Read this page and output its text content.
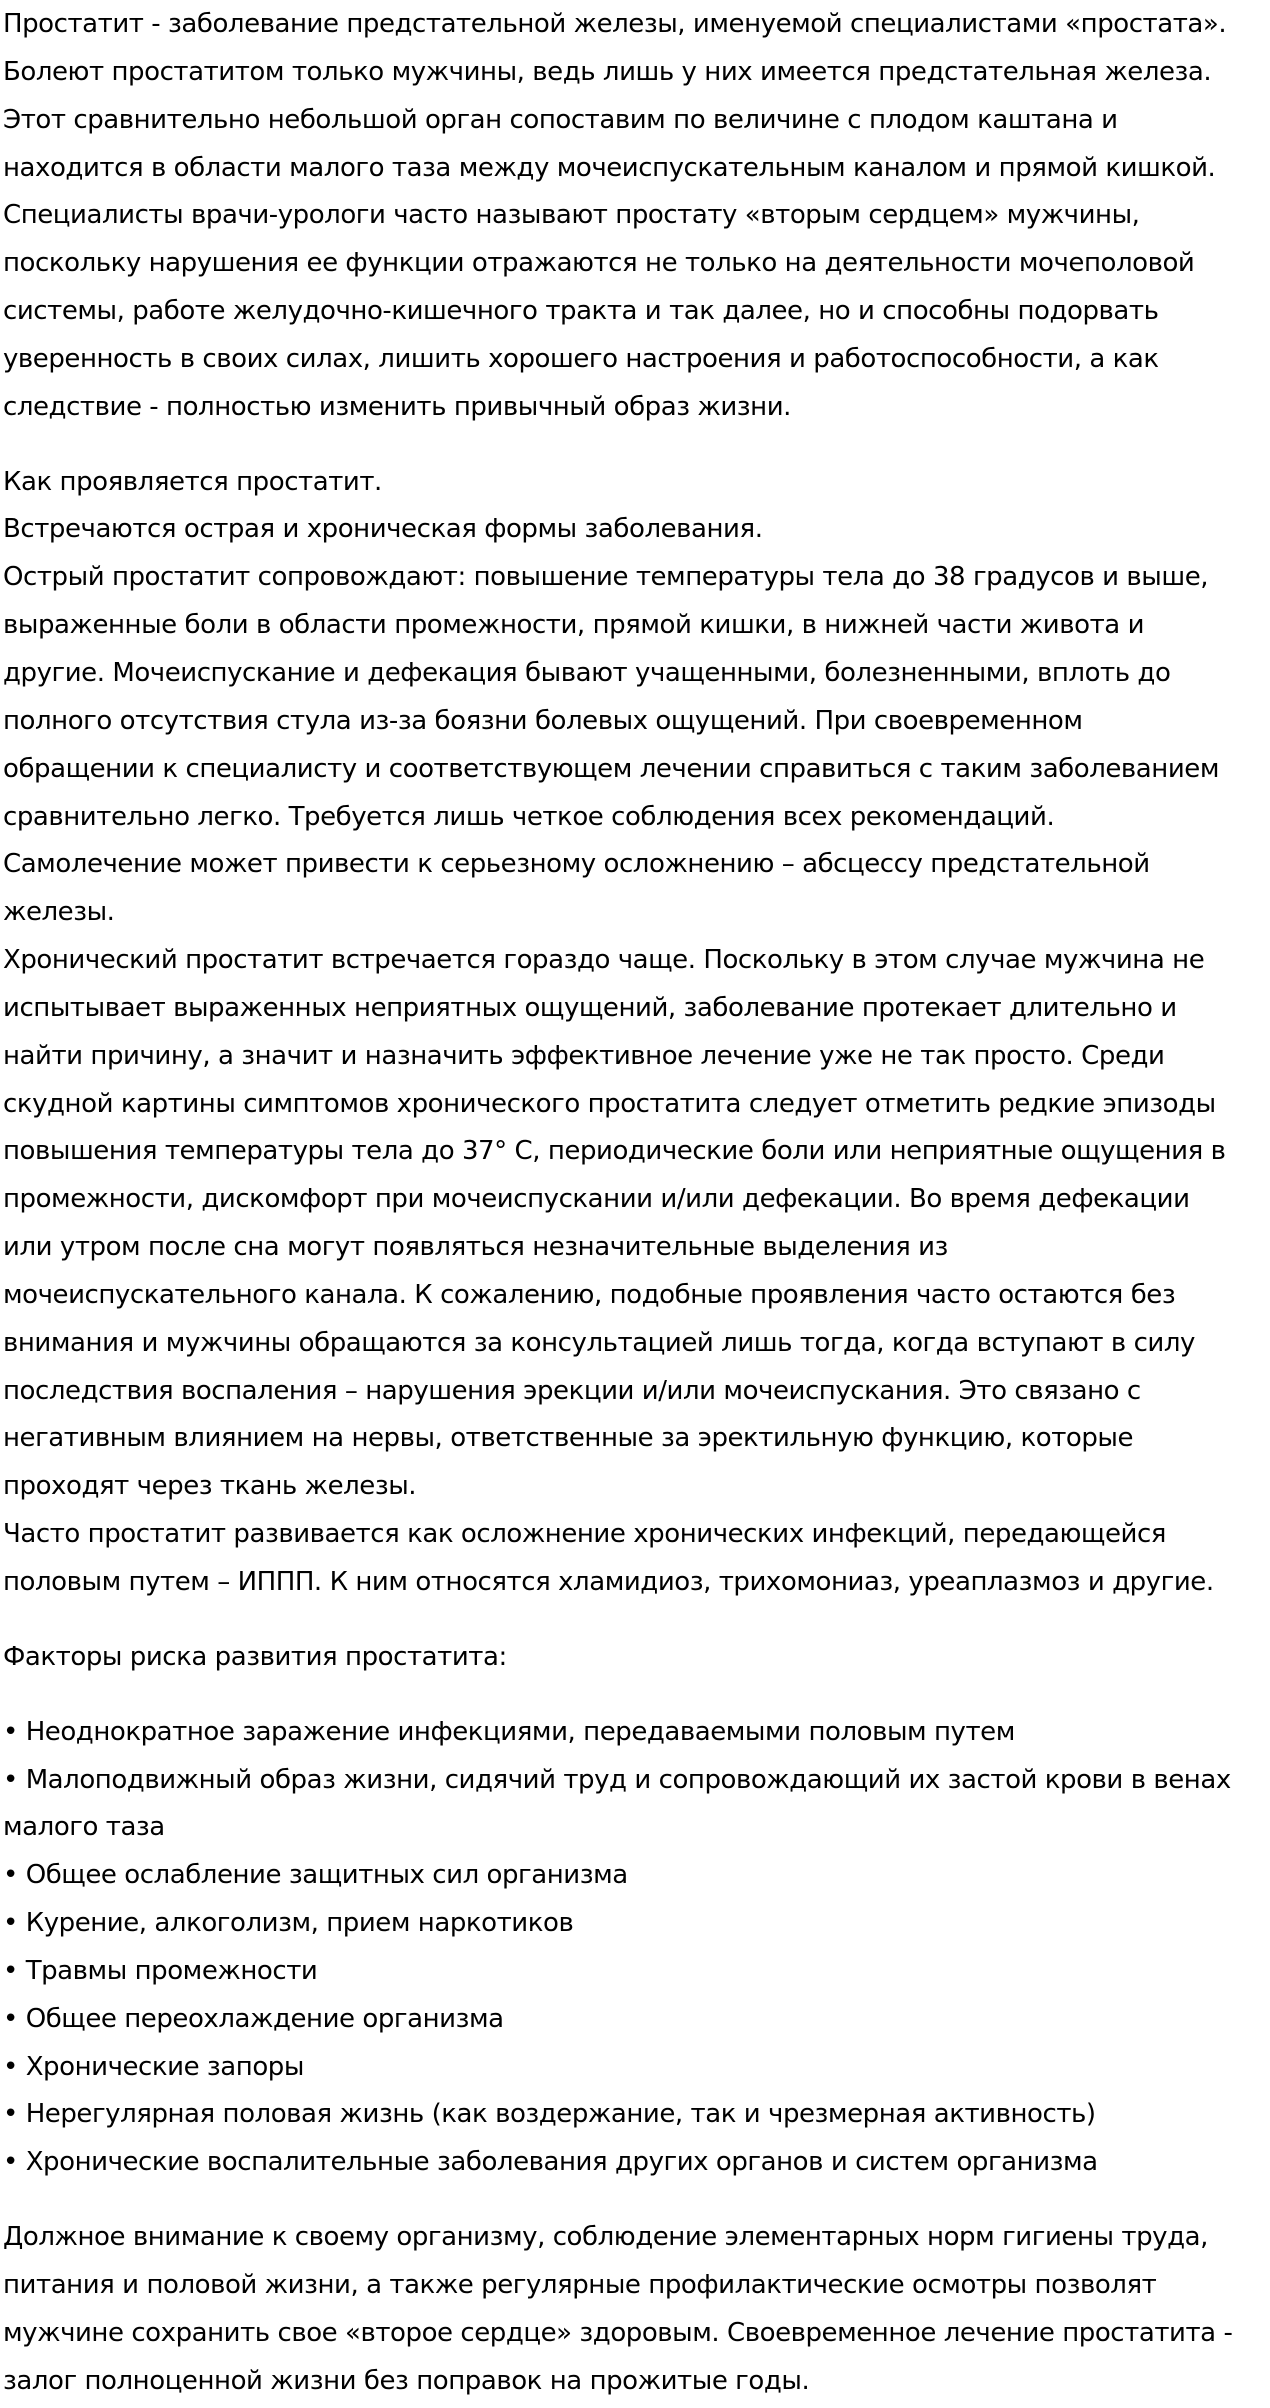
Простатит - заболевание предстательной железы, именуемой специалистами «простата».
Болеют простатитом только мужчины, ведь лишь у них имеется предстательная железа.
Этот сравнительно небольшой орган сопоставим по величине с плодом каштана и
находится в области малого таза между мочеиспускательным каналом и прямой кишкой.
Специалисты врачи-урологи часто называют простату «вторым сердцем» мужчины,
поскольку нарушения ее функции отражаются не только на деятельности мочеполовой
системы, работе желудочно-кишечного тракта и так далее, но и способны подорвать
уверенность в своих силах, лишить хорошего настроения и работоспособности, а как
следствие - полностью изменить привычный образ жизни.
Как проявляется простатит.
Встречаются острая и хроническая формы заболевания.
Острый простатит сопровождают: повышение температуры тела до 38 градусов и выше,
выраженные боли в области промежности, прямой кишки, в нижней части живота и
другие. Мочеиспускание и дефекация бывают учащенными, болезненными, вплоть до
полного отсутствия стула из-за боязни болевых ощущений. При своевременном
обращении к специалисту и соответствующем лечении справиться с таким заболеванием
сравнительно легко. Требуется лишь четкое соблюдения всех рекомендаций.
Самолечение может привести к серьезному осложнению – абсцессу предстательной
железы.
Хронический простатит встречается гораздо чаще. Поскольку в этом случае мужчина не
испытывает выраженных неприятных ощущений, заболевание протекает длительно и
найти причину, а значит и назначить эффективное лечение уже не так просто. Среди
скудной картины симптомов хронического простатита следует отметить редкие эпизоды
повышения температуры тела до 37° С, периодические боли или неприятные ощущения в
промежности, дискомфорт при мочеиспускании и/или дефекации. Во время дефекации
или утром после сна могут появляться незначительные выделения из
мочеиспускательного канала. К сожалению, подобные проявления часто остаются без
внимания и мужчины обращаются за консультацией лишь тогда, когда вступают в силу
последствия воспаления – нарушения эрекции и/или мочеиспускания. Это связано с
негативным влиянием на нервы, ответственные за эректильную функцию, которые
проходят через ткань железы.
Часто простатит развивается как осложнение хронических инфекций, передающейся
половым путем – ИППП. К ним относятся хламидиоз, трихомониаз, уреаплазмоз и другие.
Факторы риска развития простатита:
• Неоднократное заражение инфекциями, передаваемыми половым путем
• Малоподвижный образ жизни, сидячий труд и сопровождающий их застой крови в венах
малого таза
• Общее ослабление защитных сил организма
• Курение, алкоголизм, прием наркотиков
• Травмы промежности
• Общее переохлаждение организма
• Хронические запоры
• Нерегулярная половая жизнь (как воздержание, так и чрезмерная активность)
• Хронические воспалительные заболевания других органов и систем организма
Должное внимание к своему организму, соблюдение элементарных норм гигиены труда,
питания и половой жизни, а также регулярные профилактические осмотры позволят
мужчине сохранить свое «второе сердце» здоровым. Своевременное лечение простатита -
залог полноценной жизни без поправок на прожитые годы.
